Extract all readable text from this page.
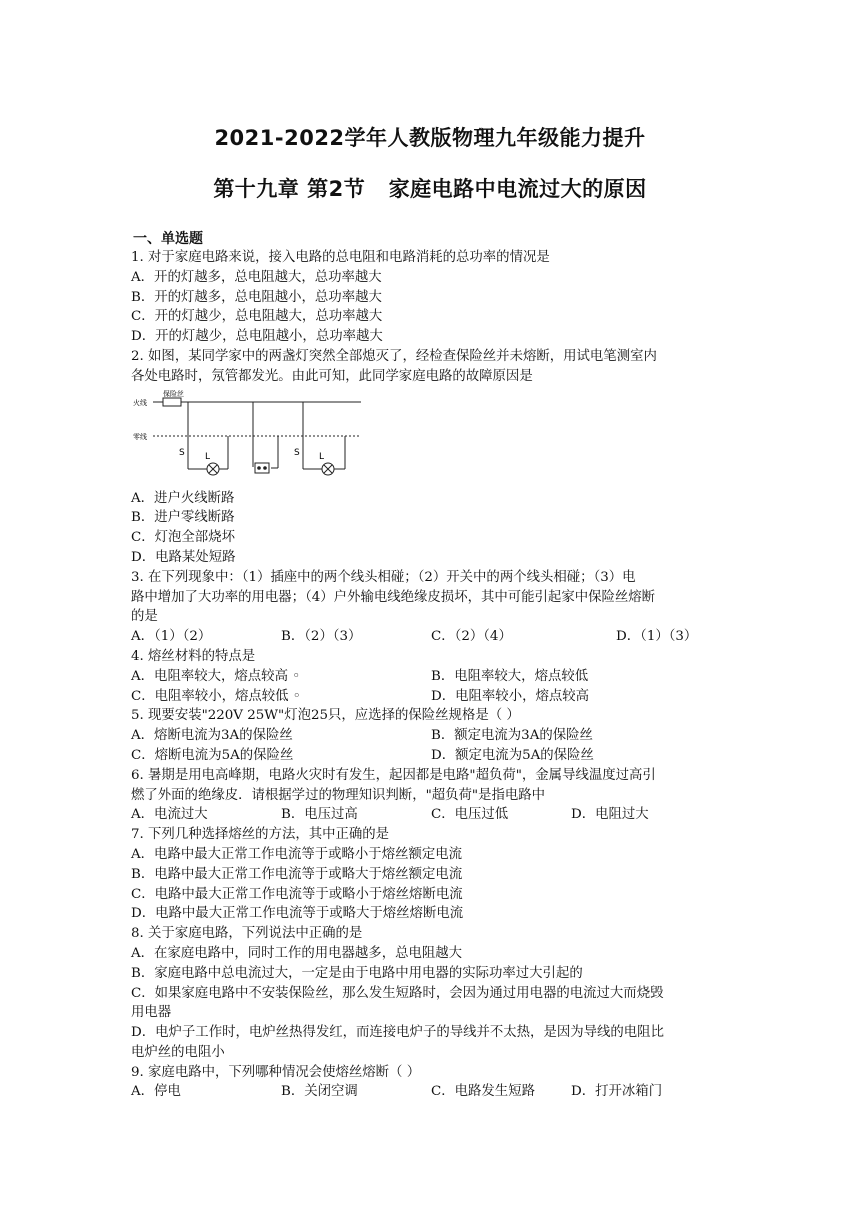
2021-2022学年人教版物理九年级能力提升
第十九章 第2节   家庭电路中电流过大的原因
一、单选题
1. 对于家庭电路来说，接入电路的总电阻和电路消耗的总功率的情况是
A．开的灯越多，总电阻越大，总功率越大
B．开的灯越多，总电阻越小，总功率越大
C．开的灯越少，总电阻越大，总功率越大
D．开的灯越少，总电阻越小，总功率越大
2. 如图，某同学家中的两盏灯突然全部熄灭了，经检查保险丝并未熔断，用试电笔测室内
各处电路时，氖管都发光。由此可知，此同学家庭电路的故障原因是
保险丝
火线
零线
S L	S L
A．进户火线断路
B．进户零线断路
C．灯泡全部烧坏
D．电路某处短路
3. 在下列现象中：（1）插座中的两个线头相碰；（2）开关中的两个线头相碰；（3）电
路中增加了大功率的用电器；（4）户外输电线绝缘皮损坏，其中可能引起家中保险丝熔断
的是
A．（1）（2）	B．（2）（3）	C．（2）（4）	D．（1）（3）
4. 熔丝材料的特点是
A．电阻率较大，熔点较高 ◦	B．电阻率较大，熔点较低
C．电阻率较小，熔点较低 ◦	D．电阻率较小，熔点较高
5. 现要安装"220V 25W"灯泡25只，应选择的保险丝规格是（ ）
A．熔断电流为3A的保险丝	B．额定电流为3A的保险丝
C．熔断电流为5A的保险丝	D．额定电流为5A的保险丝
6. 暑期是用电高峰期，电路火灾时有发生，起因都是电路"超负荷"，金属导线温度过高引
燃了外面的绝缘皮．请根据学过的物理知识判断，"超负荷"是指电路中
A．电流过大	B．电压过高	C．电压过低	D．电阻过大
7. 下列几种选择熔丝的方法，其中正确的是
A．电路中最大正常工作电流等于或略小于熔丝额定电流
B．电路中最大正常工作电流等于或略大于熔丝额定电流
C．电路中最大正常工作电流等于或略小于熔丝熔断电流
D．电路中最大正常工作电流等于或略大于熔丝熔断电流
8. 关于家庭电路，下列说法中正确的是
A．在家庭电路中，同时工作的用电器越多，总电阻越大
B．家庭电路中总电流过大，一定是由于电路中用电器的实际功率过大引起的
C．如果家庭电路中不安装保险丝，那么发生短路时，会因为通过用电器的电流过大而烧毁
用电器
D．电炉子工作时，电炉丝热得发红，而连接电炉子的导线并不太热，是因为导线的电阻比
电炉丝的电阻小
9. 家庭电路中，下列哪种情况会使熔丝熔断（ ）
A．停电	B．关闭空调	C．电路发生短路	D．打开冰箱门
